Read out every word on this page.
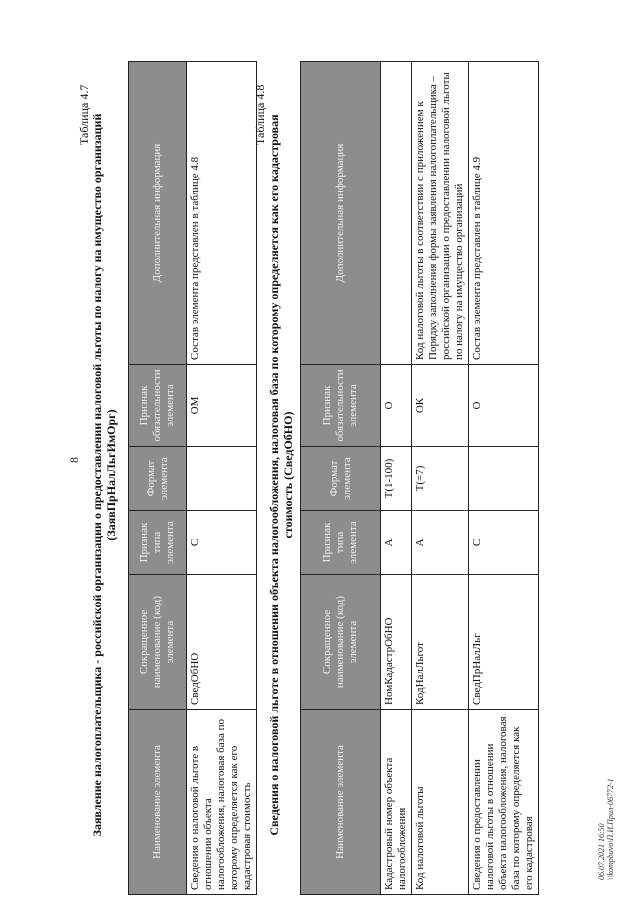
8
Таблица 4.7 Заявление налогоплательщика - российской организации о предоставлении налоговой льготы по налогу на имущество организаций (ЗаявПрНалЛьгИмОрг)
Наименование элемента	Сокращенное наименование (код) элемента	Признак типа элемента	Формат элемента	Признак обязательности элемента	Дополнительная информация
Сведения о налоговой льготе в отношении объекта налогообложения, налоговая база по которому определяется как его кадастровая стоимость	СведОбНО	С		ОМ	Состав элемента представлен в таблице 4.8
Таблица 4.8 Сведения о налоговой льготе в отношении объекта налогообложения, налоговая база по которому определяется как его кадастровая стоимость (СведОбНО)
Наименование элемента	Сокращенное наименование (код) элемента	Признак типа элемента	Формат элемента	Признак обязательности элемента	Дополнительная информация
Кадастровый номер объекта налогообложения	НомКадастрОбНО	А	T(1-100)	О	
Код налоговой льготы	КодНалЛьгот	А	T(=7)	ОК	Код налоговой льготы в соответствии с приложением к Порядку заполнения формы заявления налогоплательщика – российской организации о предоставлении налоговой льготы по налогу на имущество организаций
Сведения о предоставлении налоговой льготы в отношении объекта налогообложения, налоговая база по которому определяется как его кадастровая	СведПрНалЛьг	С		О	Состав элемента представлен в таблице 4.9
06.07.2021 16:50 \\kompbuvo\П.И.Прил-06772-1
